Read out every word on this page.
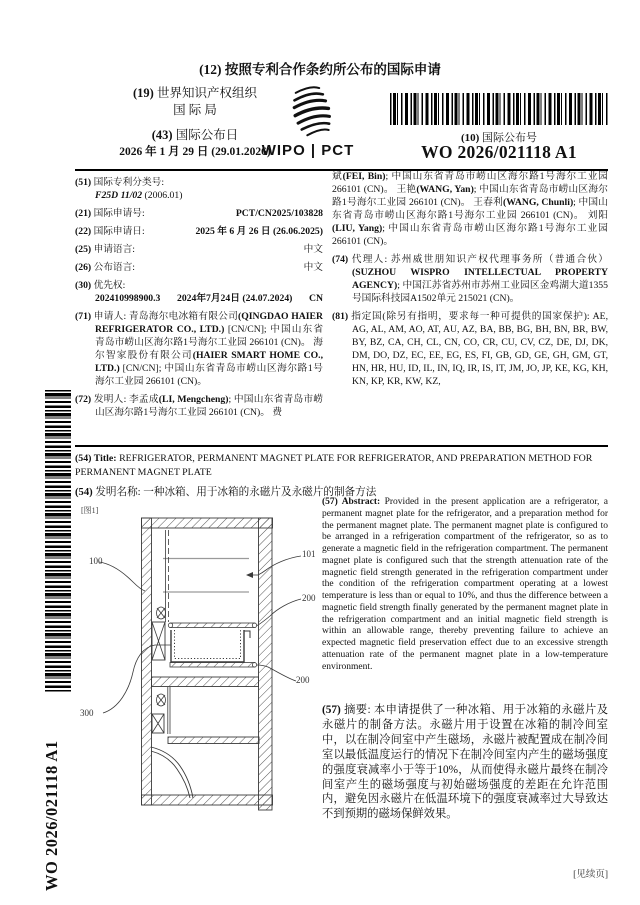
(12) 按照专利合作条约所公布的国际申请
(19) 世界知识产权组织
国 际 局
(43) 国际公布日
2026 年 1 月 29 日 (29.01.2026)
WIPO | PCT
(10) 国际公布号
WO 2026/021118 A1
(51) 国际专利分类号:
F25D 11/02 (2006.01)
(21) 国际申请号:	PCT/CN2025/103828
(22) 国际申请日:	2025 年 6 月 26 日 (26.06.2025)
(25) 申请语言:	中文
(26) 公布语言:	中文
(30) 优先权:
202410998900.3 2024年7月24日 (24.07.2024) CN
(71) 申请人: 青岛海尔电冰箱有限公司(QINGDAO HAIER REFRIGERATOR CO., LTD.) [CN/CN]; 中国山东省青岛市崂山区海尔路1号海尔工业园 266101 (CN)。 海尔智家股份有限公司(HAIER SMART HOME CO., LTD.) [CN/CN]; 中国山东省青岛市崂山区海尔路1号海尔工业园 266101 (CN)。
(72) 发明人: 李孟成(LI, Mengcheng); 中国山东省青岛市崂山区海尔路1号海尔工业园 266101 (CN)。 费
斌(FEI, Bin); 中国山东省青岛市崂山区海尔路1号海尔工业园 266101 (CN)。 王艳(WANG, Yan); 中国山东省青岛市崂山区海尔路1号海尔工业园 266101 (CN)。 王春利(WANG, Chunli); 中国山东省青岛市崂山区海尔路1号海尔工业园 266101 (CN)。 刘阳(LIU, Yang); 中国山东省青岛市崂山区海尔路1号海尔工业园 266101 (CN)。
(74) 代理人: 苏州威世朋知识产权代理事务所（普通合伙）(SUZHOU WISPRO INTELLECTUAL PROPERTY AGENCY); 中国江苏省苏州市苏州工业园区金鸡湖大道1355号国际科技园A1502单元 215021 (CN)。
(81) 指定国(除另有指明，要求每一种可提供的国家保护): AE, AG, AL, AM, AO, AT, AU, AZ, BA, BB, BG, BH, BN, BR, BW, BY, BZ, CA, CH, CL, CN, CO, CR, CU, CV, CZ, DE, DJ, DK, DM, DO, DZ, EC, EE, EG, ES, FI, GB, GD, GE, GH, GM, GT, HN, HR, HU, ID, IL, IN, IQ, IR, IS, IT, JM, JO, JP, KE, KG, KH, KN, KP, KR, KW, KZ,
WO 2026/021118 A1
(54) Title: REFRIGERATOR, PERMANENT MAGNET PLATE FOR REFRIGERATOR, AND PREPARATION METHOD FOR PERMANENT MAGNET PLATE
(54) 发明名称: 一种冰箱、用于冰箱的永磁片及永磁片的制备方法
[图1]
100
101
200
200
300
(57) Abstract: Provided in the present application are a refrigerator, a permanent magnet plate for the refrigerator, and a preparation method for the permanent magnet plate. The permanent magnet plate is configured to be arranged in a refrigeration compartment of the refrigerator, so as to generate a magnetic field in the refrigeration compartment. The permanent magnet plate is configured such that the strength attenuation rate of the magnetic field strength generated in the refrigeration compartment under the condition of the refrigeration compartment operating at a lowest temperature is less than or equal to 10%, and thus the difference between a magnetic field strength finally generated by the permanent magnet plate in the refrigeration compartment and an initial magnetic field strength is within an allowable range, thereby preventing failure to achieve an expected magnetic field preservation effect due to an excessive strength attenuation rate of the permanent magnet plate in a low-temperature environment.
(57) 摘要: 本申请提供了一种冰箱、用于冰箱的永磁片及永磁片的制备方法。永磁片用于设置在冰箱的制冷间室中，以在制冷间室中产生磁场，永磁片被配置成在制冷间室以最低温度运行的情况下在制冷间室内产生的磁场强度的强度衰减率小于等于10%，从而使得永磁片最终在制冷间室产生的磁场强度与初始磁场强度的差距在允许范围内，避免因永磁片在低温环境下的强度衰减率过大导致达不到预期的磁场保鲜效果。
[见续页]
